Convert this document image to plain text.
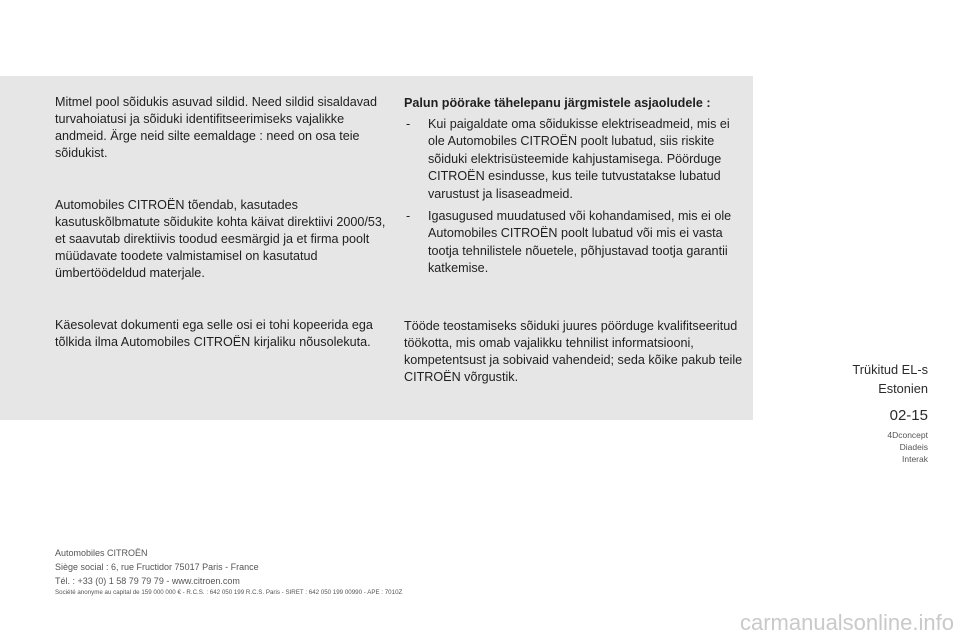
Mitmel pool sõidukis asuvad sildid. Need sildid sisaldavad turvahoiatusi ja sõiduki identifitseerimiseks vajalikke andmeid. Ärge neid silte eemaldage : need on osa teie sõidukist.

Automobiles CITROËN tõendab, kasutades kasutuskõlbmatute sõidukite kohta käivat direktiivi 2000/53, et saavutab direktiivis toodud eesmärgid ja et firma poolt müüdavate toodete valmistamisel on kasutatud ümbertöödeldud materjale.

Käesolevat dokumenti ega selle osi ei tohi kopeerida ega tõlkida ilma Automobiles CITROËN kirjaliku nõusolekuta.

Palun pöörake tähelepanu järgmistele asjaoludele :

- Kui paigaldate oma sõidukisse elektriseadmeid, mis ei ole Automobiles CITROËN poolt lubatud, siis riskite sõiduki elektrisüsteemide kahjustamisega. Pöörduge CITROËN esindusse, kus teile tutvustatakse lubatud varustust ja lisaseadmeid.
- Igasugused muudatused või kohandamised, mis ei ole Automobiles CITROËN poolt lubatud või mis ei vasta tootja tehnilistele nõuetele, põhjustavad tootja garantii katkemise.

Tööde teostamiseks sõiduki juures pöörduge kvalifitseeritud töökotta, mis omab vajalikku tehnilist informatsiooni, kompetentsust ja sobivaid vahendeid; seda kõike pakub teile CITROËN võrgustik.	Trükitud EL-s

Estonien

02-15

4Dconcept

Diadeis

Interak

Automobiles CITROËN

Siège social : 6, rue Fructidor 75017 Paris - France

Tél. : +33 (0) 1 58 79 79 79 - www.citroen.com

Société anonyme au capital de 159 000 000 € - R.C.S. : 642 050 199 R.C.S. Paris - SIRET : 642 050 199 00990 - APE : 7010Z

carmanualsonline.info
